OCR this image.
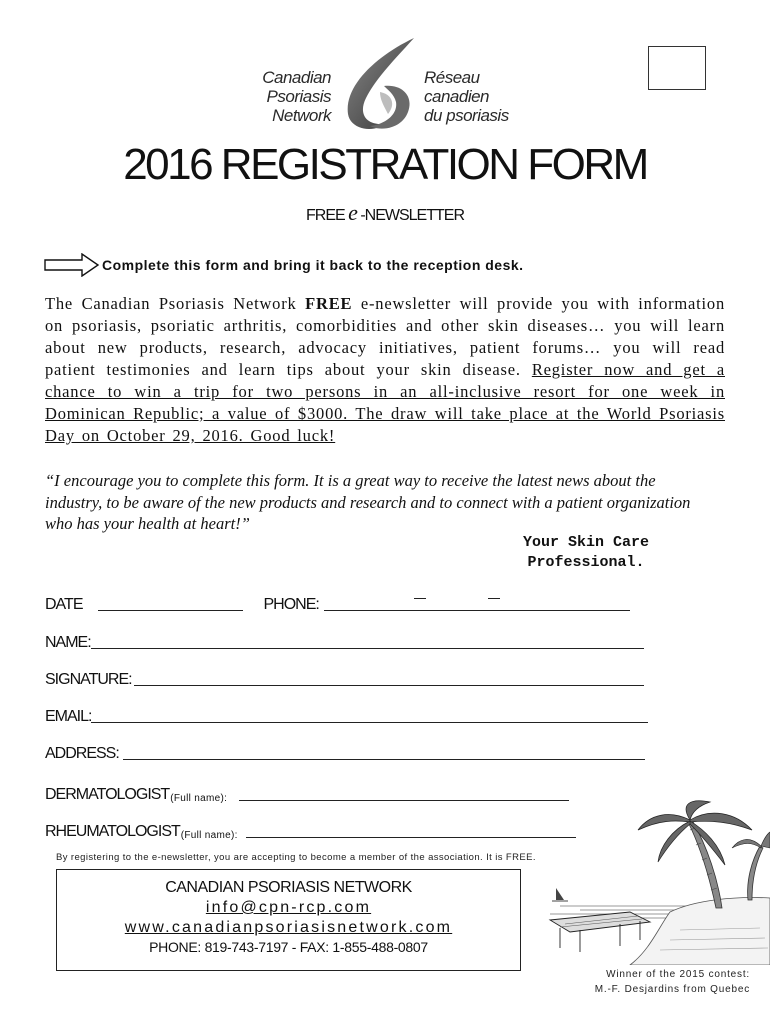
Canadian
Psoriasis
Network
Réseau
canadien
du psoriasis
2016 REGISTRATION FORM
FREE e -NEWSLETTER
Complete this form and bring it back to the reception desk.
The Canadian Psoriasis Network FREE e-newsletter will provide you with information on psoriasis, psoriatic arthritis, comorbidities and other skin diseases… you will learn about new products, research, advocacy initiatives, patient forums… you will read patient testimonies and learn tips about your skin disease. Register now and get a chance to win a trip for two persons in an all-inclusive resort for one week in Dominican Republic; a value of $3000. The draw will take place at the World Psoriasis Day on October 29, 2016. Good luck!
“I encourage you to complete this form. It is a great way to receive the latest news about the industry, to be aware of the new products and research and to connect with a patient organization who has your health at heart!”
Your Skin Care
Professional.
DATE	PHONE:
NAME:
SIGNATURE:
EMAIL:
ADDRESS:
DERMATOLOGIST (Full name):
RHEUMATOLOGIST (Full name):
By registering to the e-newsletter, you are accepting to become a member of the association. It is FREE.
CANADIAN PSORIASIS NETWORK
info@cpn-rcp.com
www.canadianpsoriasisnetwork.com
PHONE: 819-743-7197 - FAX: 1-855-488-0807
Winner of the 2015 contest:
M.-F. Desjardins from Quebec
